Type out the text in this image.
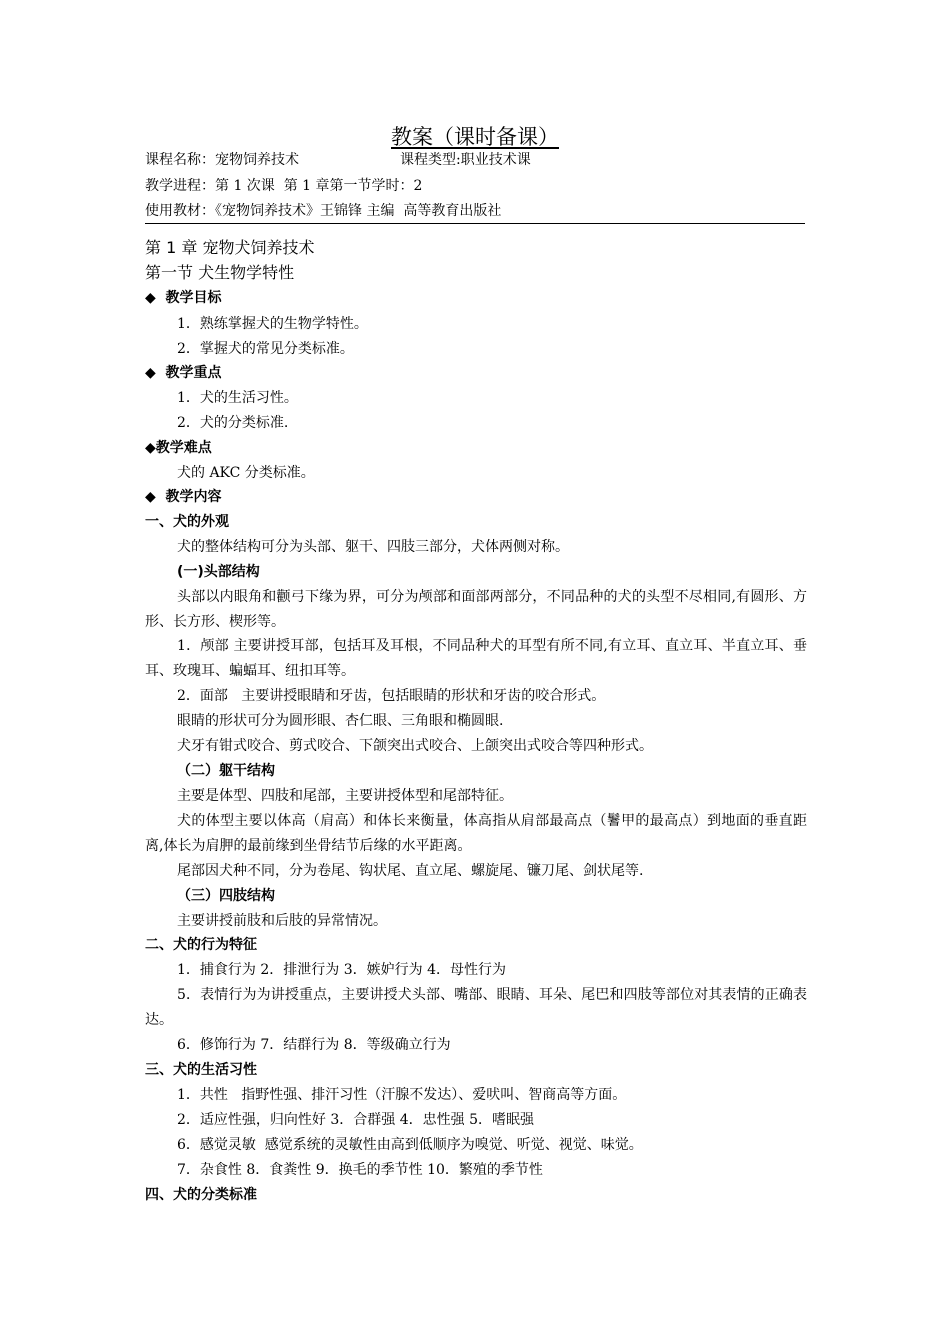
教案（课时备课）
课程名称：宠物饲养技术	课程类型:职业技术课
教学进程：第 1 次课  第 1 章第一节学时：2
使用教材：《宠物饲养技术》王锦锋 主编  高等教育出版社
第 1 章 宠物犬饲养技术
第一节 犬生物学特性
◆  教学目标
1．熟练掌握犬的生物学特性。
2．掌握犬的常见分类标准。
◆  教学重点
1．犬的生活习性。
2．犬的分类标准.
◆教学难点
犬的 AKC 分类标准。
◆  教学内容
一、犬的外观
犬的整体结构可分为头部、躯干、四肢三部分，犬体两侧对称。
(一)头部结构
头部以内眼角和颧弓下缘为界，可分为颅部和面部两部分，不同品种的犬的头型不尽相同,有圆形、方形、长方形、楔形等。
1．颅部 主要讲授耳部，包括耳及耳根，不同品种犬的耳型有所不同,有立耳、直立耳、半直立耳、垂耳、玫瑰耳、蝙蝠耳、纽扣耳等。
2．面部   主要讲授眼睛和牙齿，包括眼睛的形状和牙齿的咬合形式。
眼睛的形状可分为圆形眼、杏仁眼、三角眼和椭圆眼.
犬牙有钳式咬合、剪式咬合、下颌突出式咬合、上颌突出式咬合等四种形式。
（二）躯干结构
主要是体型、四肢和尾部，主要讲授体型和尾部特征。
犬的体型主要以体高（肩高）和体长来衡量，体高指从肩部最高点（鬐甲的最高点）到地面的垂直距离,体长为肩胛的最前缘到坐骨结节后缘的水平距离。
尾部因犬种不同，分为卷尾、钩状尾、直立尾、螺旋尾、镰刀尾、剑状尾等.
（三）四肢结构
主要讲授前肢和后肢的异常情况。
二、犬的行为特征
1．捕食行为 2．排泄行为 3．嫉妒行为 4．母性行为
5．表情行为为讲授重点，主要讲授犬头部、嘴部、眼睛、耳朵、尾巴和四肢等部位对其表情的正确表达。
6．修饰行为 7．结群行为 8．等级确立行为
三、犬的生活习性
1．共性   指野性强、排汗习性（汗腺不发达）、爱吠叫、智商高等方面。
2．适应性强，归向性好 3．合群强 4．忠性强 5．嗜眠强
6．感觉灵敏  感觉系统的灵敏性由高到低顺序为嗅觉、听觉、视觉、味觉。
7．杂食性 8．食粪性 9．换毛的季节性 10．繁殖的季节性
四、犬的分类标准
